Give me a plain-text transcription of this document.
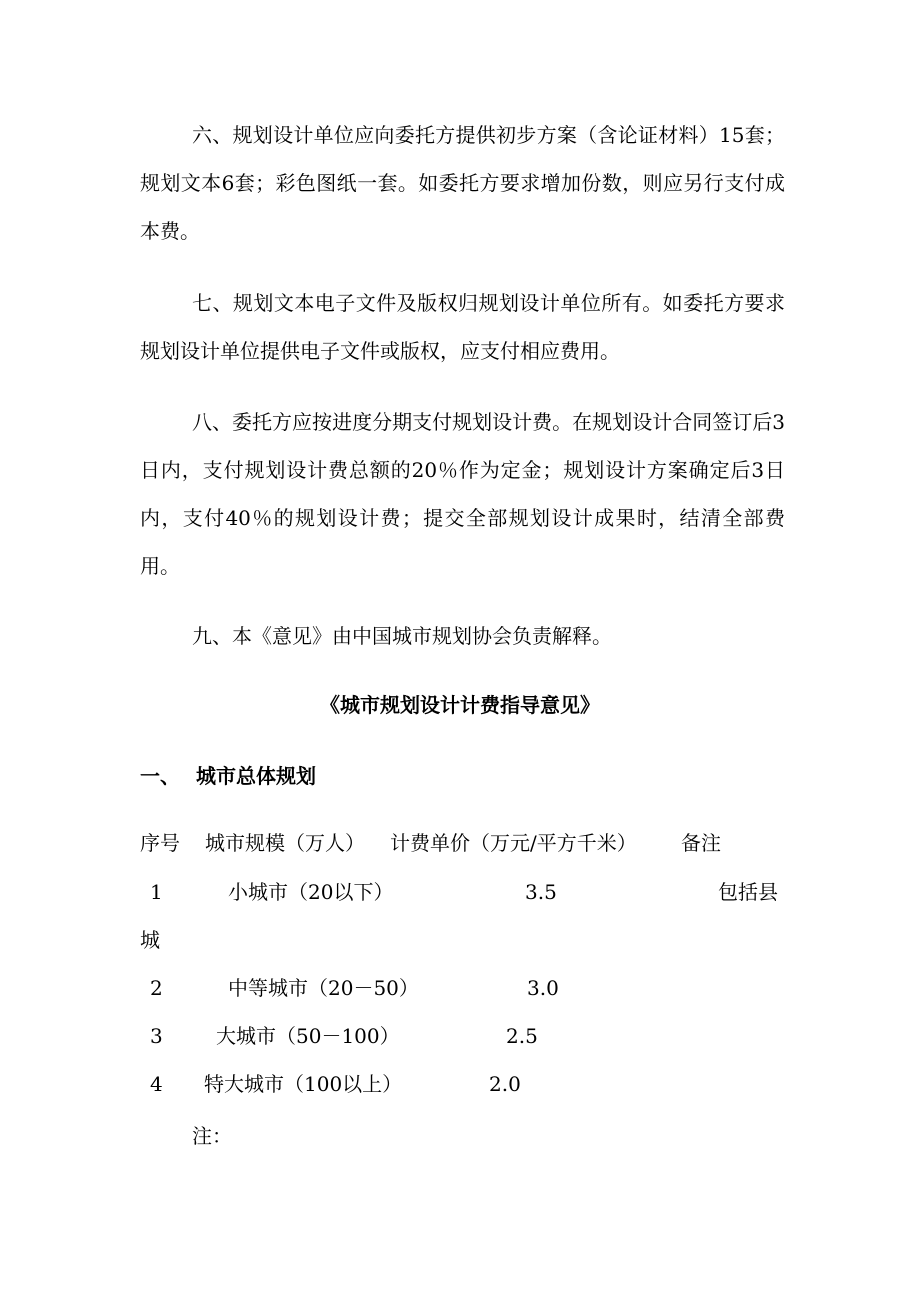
六、规划设计单位应向委托方提供初步方案（含论证材料）15套；规划文本6套；彩色图纸一套。如委托方要求增加份数，则应另行支付成本费。

七、规划文本电子文件及版权归规划设计单位所有。如委托方要求规划设计单位提供电子文件或版权，应支付相应费用。

八、委托方应按进度分期支付规划设计费。在规划设计合同签订后3日内，支付规划设计费总额的20％作为定金；规划设计方案确定后3日内，支付40％的规划设计费；提交全部规划设计成果时，结清全部费用。

九、本《意见》由中国城市规划协会负责解释。

《城市规划设计计费指导意见》
一、 城市总体规划
序号 城市规模（万人） 计费单价（万元/平方千米） 备注
1	小城市（20以下）	3.5	包括县
城
2	中等城市（20－50）	3.0
3	大城市（50－100）	2.5
4 特大城市（100以上）	2.0
注：
